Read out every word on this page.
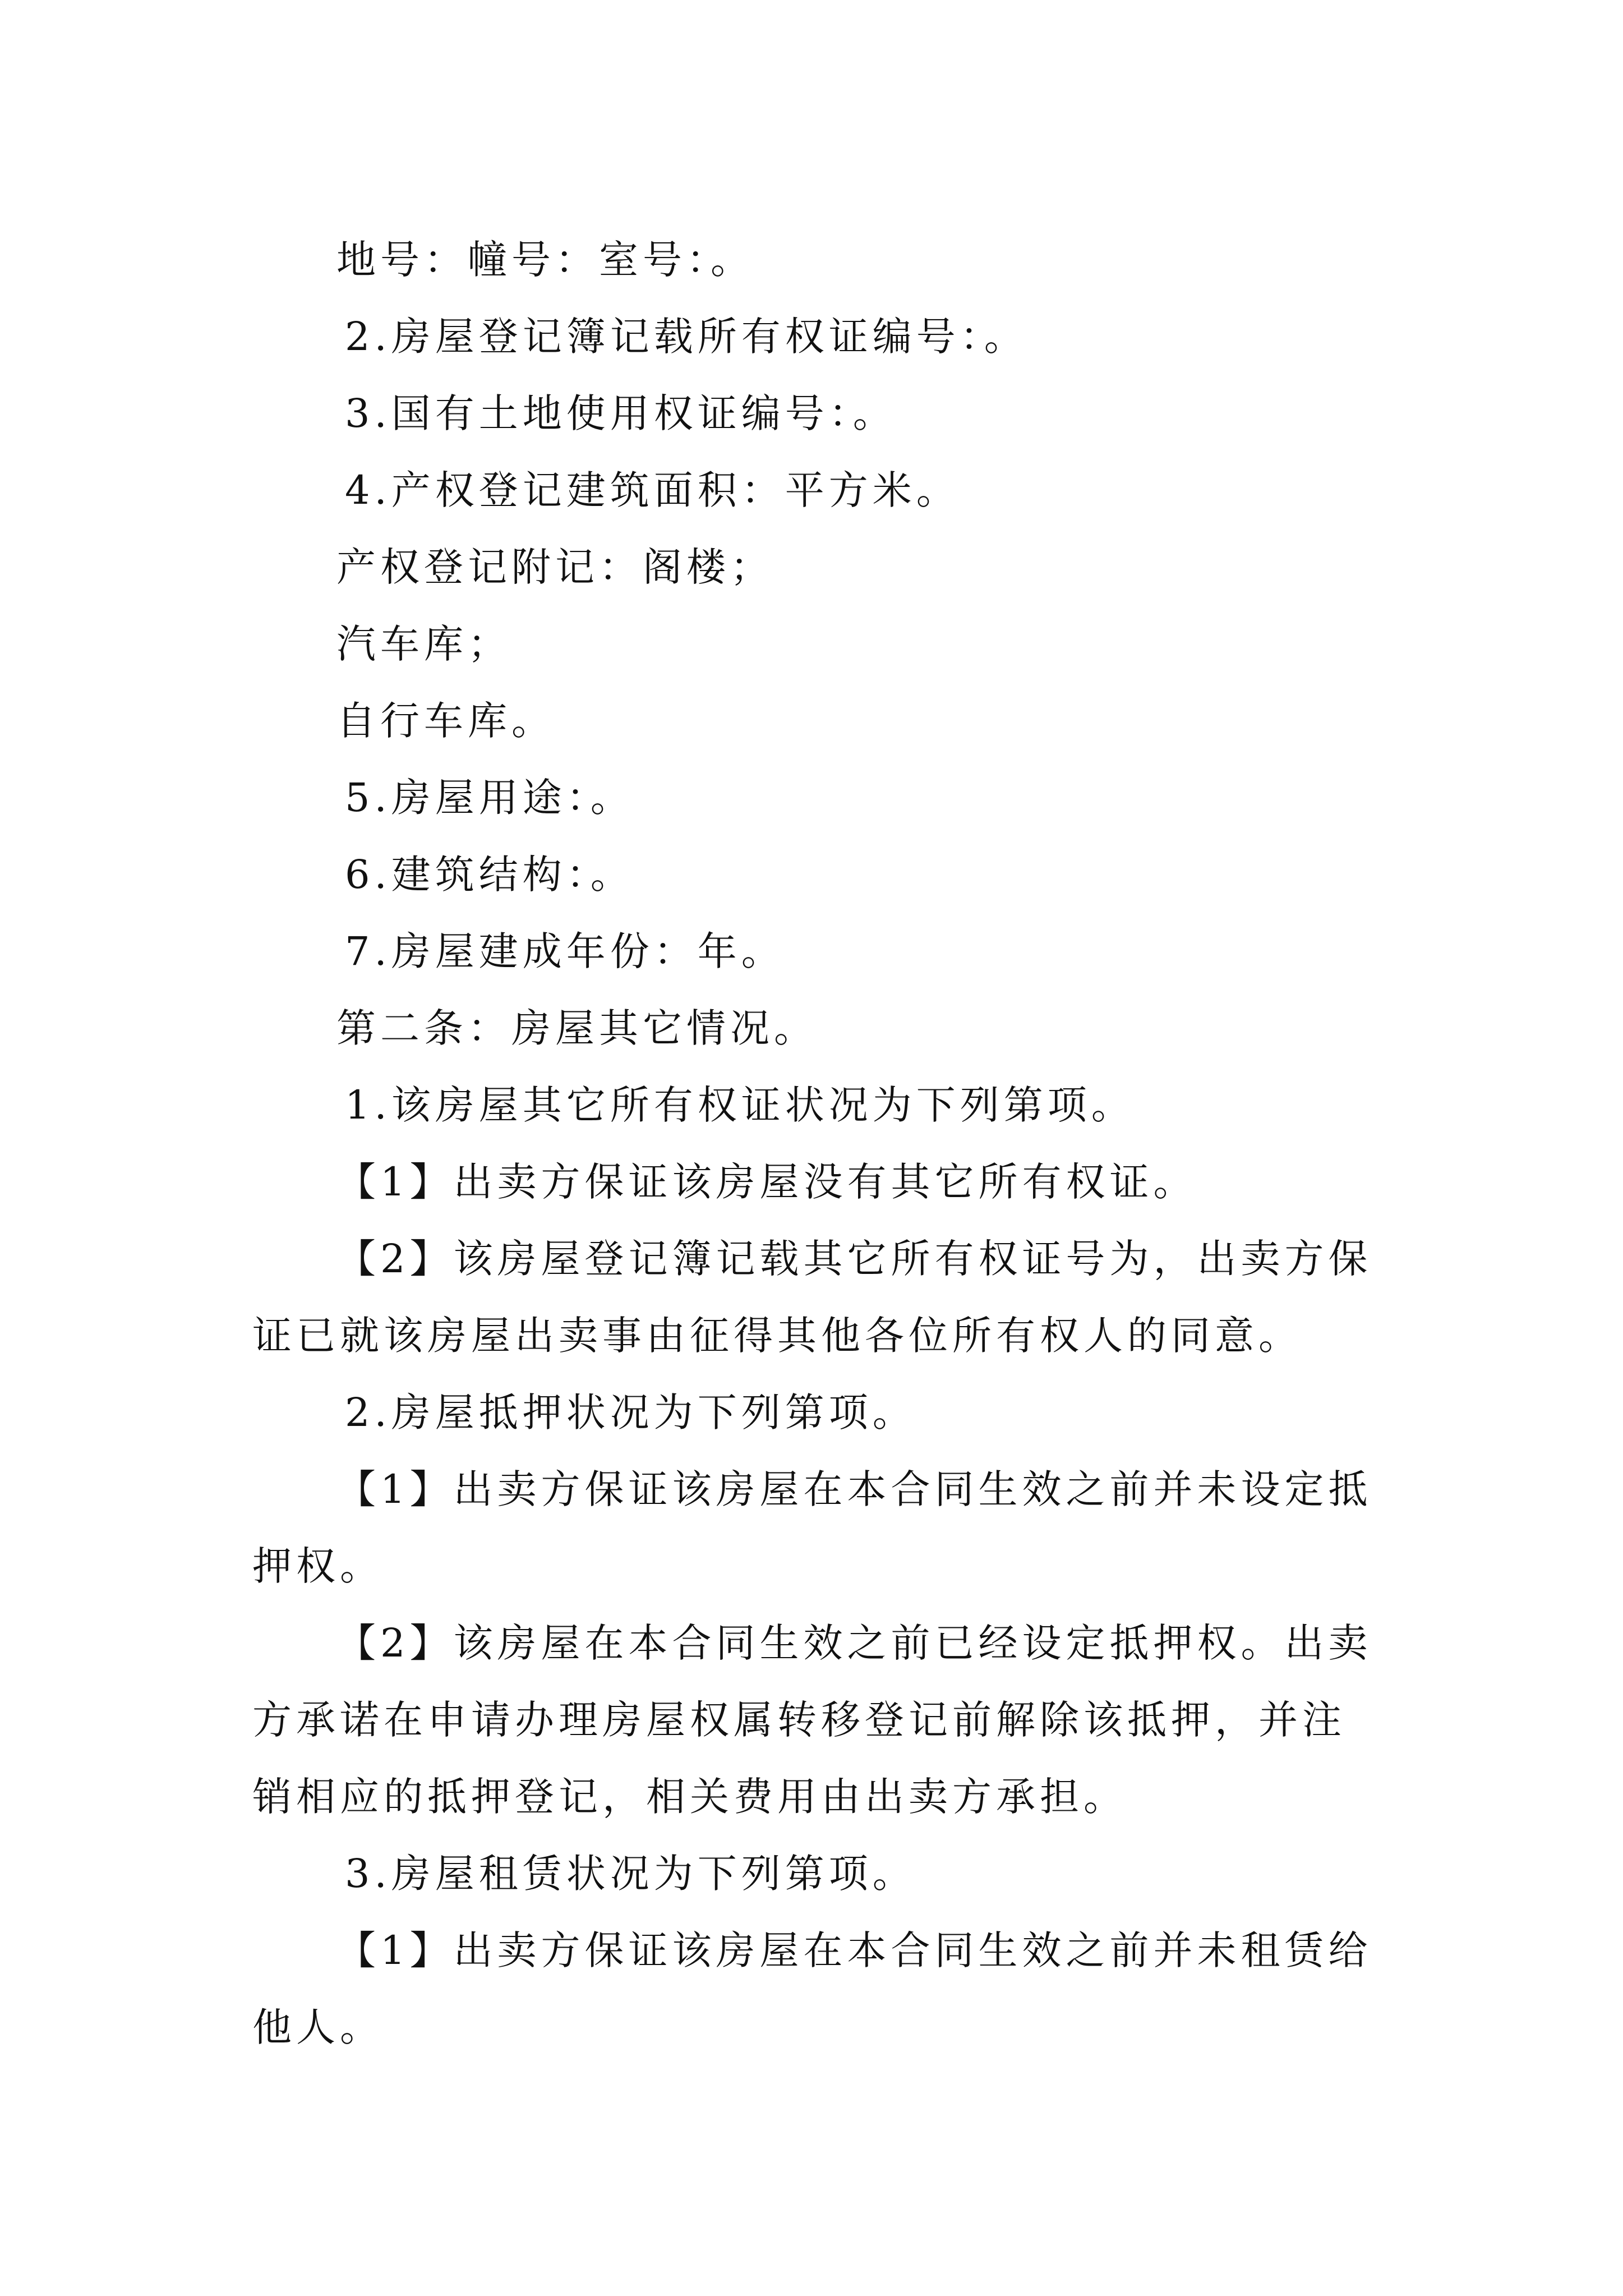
地号：幢号：室号：。

2.房屋登记簿记载所有权证编号：。

3.国有土地使用权证编号：。

4.产权登记建筑面积：平方米。

产权登记附记：阁楼；

汽车库；

自行车库。

5.房屋用途：。

6.建筑结构：。

7.房屋建成年份：年。

第二条：房屋其它情况。

1.该房屋其它所有权证状况为下列第项。

【1】出卖方保证该房屋没有其它所有权证。

【2】该房屋登记簿记载其它所有权证号为，出卖方保证已就该房屋出卖事由征得其他各位所有权人的同意。

2.房屋抵押状况为下列第项。

【1】出卖方保证该房屋在本合同生效之前并未设定抵押权。

【2】该房屋在本合同生效之前已经设定抵押权。出卖方承诺在申请办理房屋权属转移登记前解除该抵押，并注销相应的抵押登记，相关费用由出卖方承担。

3.房屋租赁状况为下列第项。

【1】出卖方保证该房屋在本合同生效之前并未租赁给他人。
